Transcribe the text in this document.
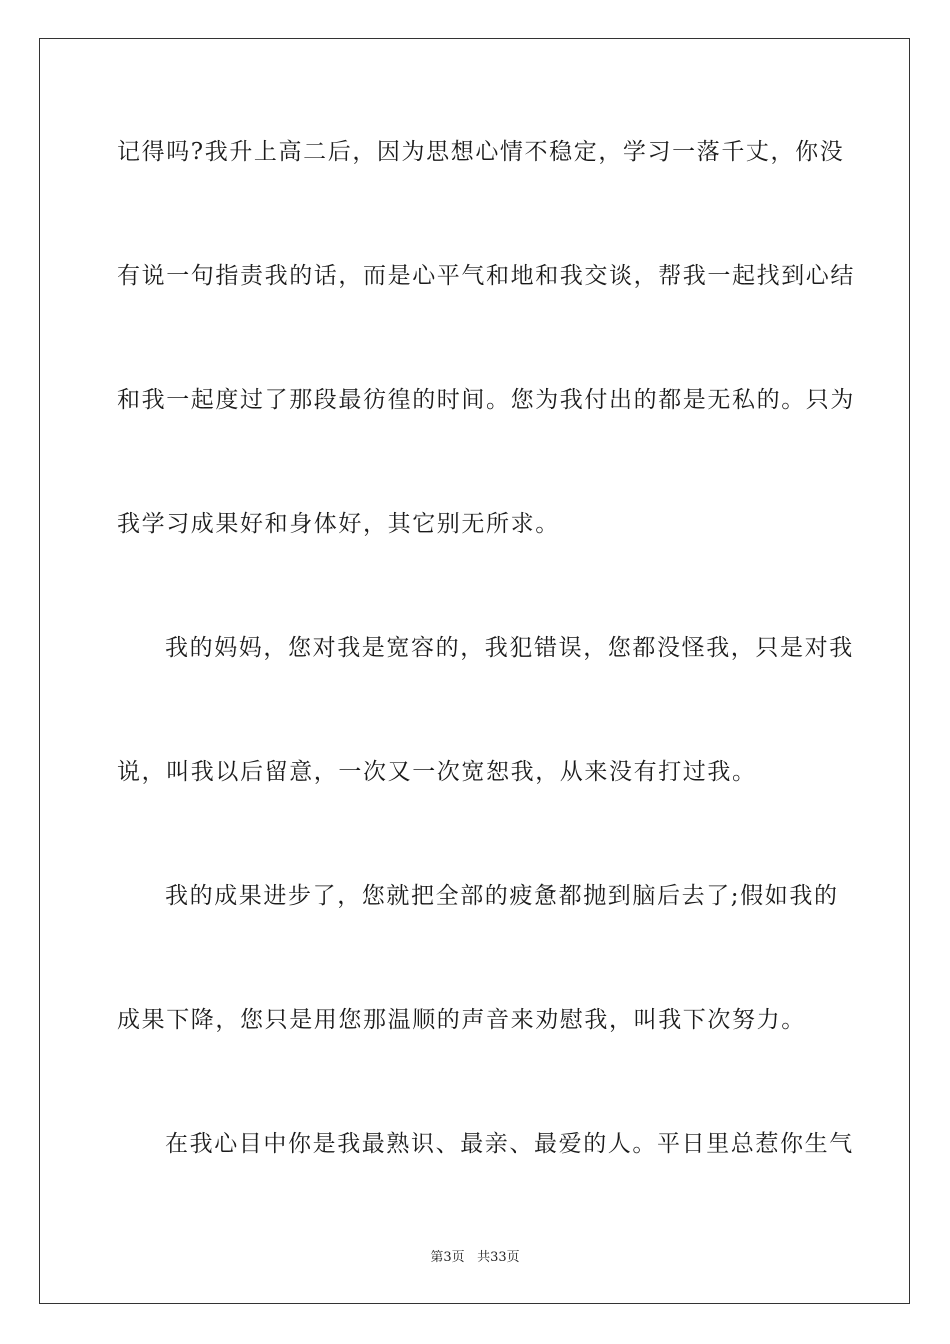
记得吗?我升上高二后，因为思想心情不稳定，学习一落千丈，你没
有说一句指责我的话，而是心平气和地和我交谈，帮我一起找到心结
和我一起度过了那段最彷徨的时间。您为我付出的都是无私的。只为
我学习成果好和身体好，其它别无所求。
我的妈妈，您对我是宽容的，我犯错误，您都没怪我，只是对我
说，叫我以后留意，一次又一次宽恕我，从来没有打过我。
我的成果进步了，您就把全部的疲惫都抛到脑后去了;假如我的
成果下降，您只是用您那温顺的声音来劝慰我，叫我下次努力。
在我心目中你是我最熟识、最亲、最爱的人。平日里总惹你生气
第3页 共33页
